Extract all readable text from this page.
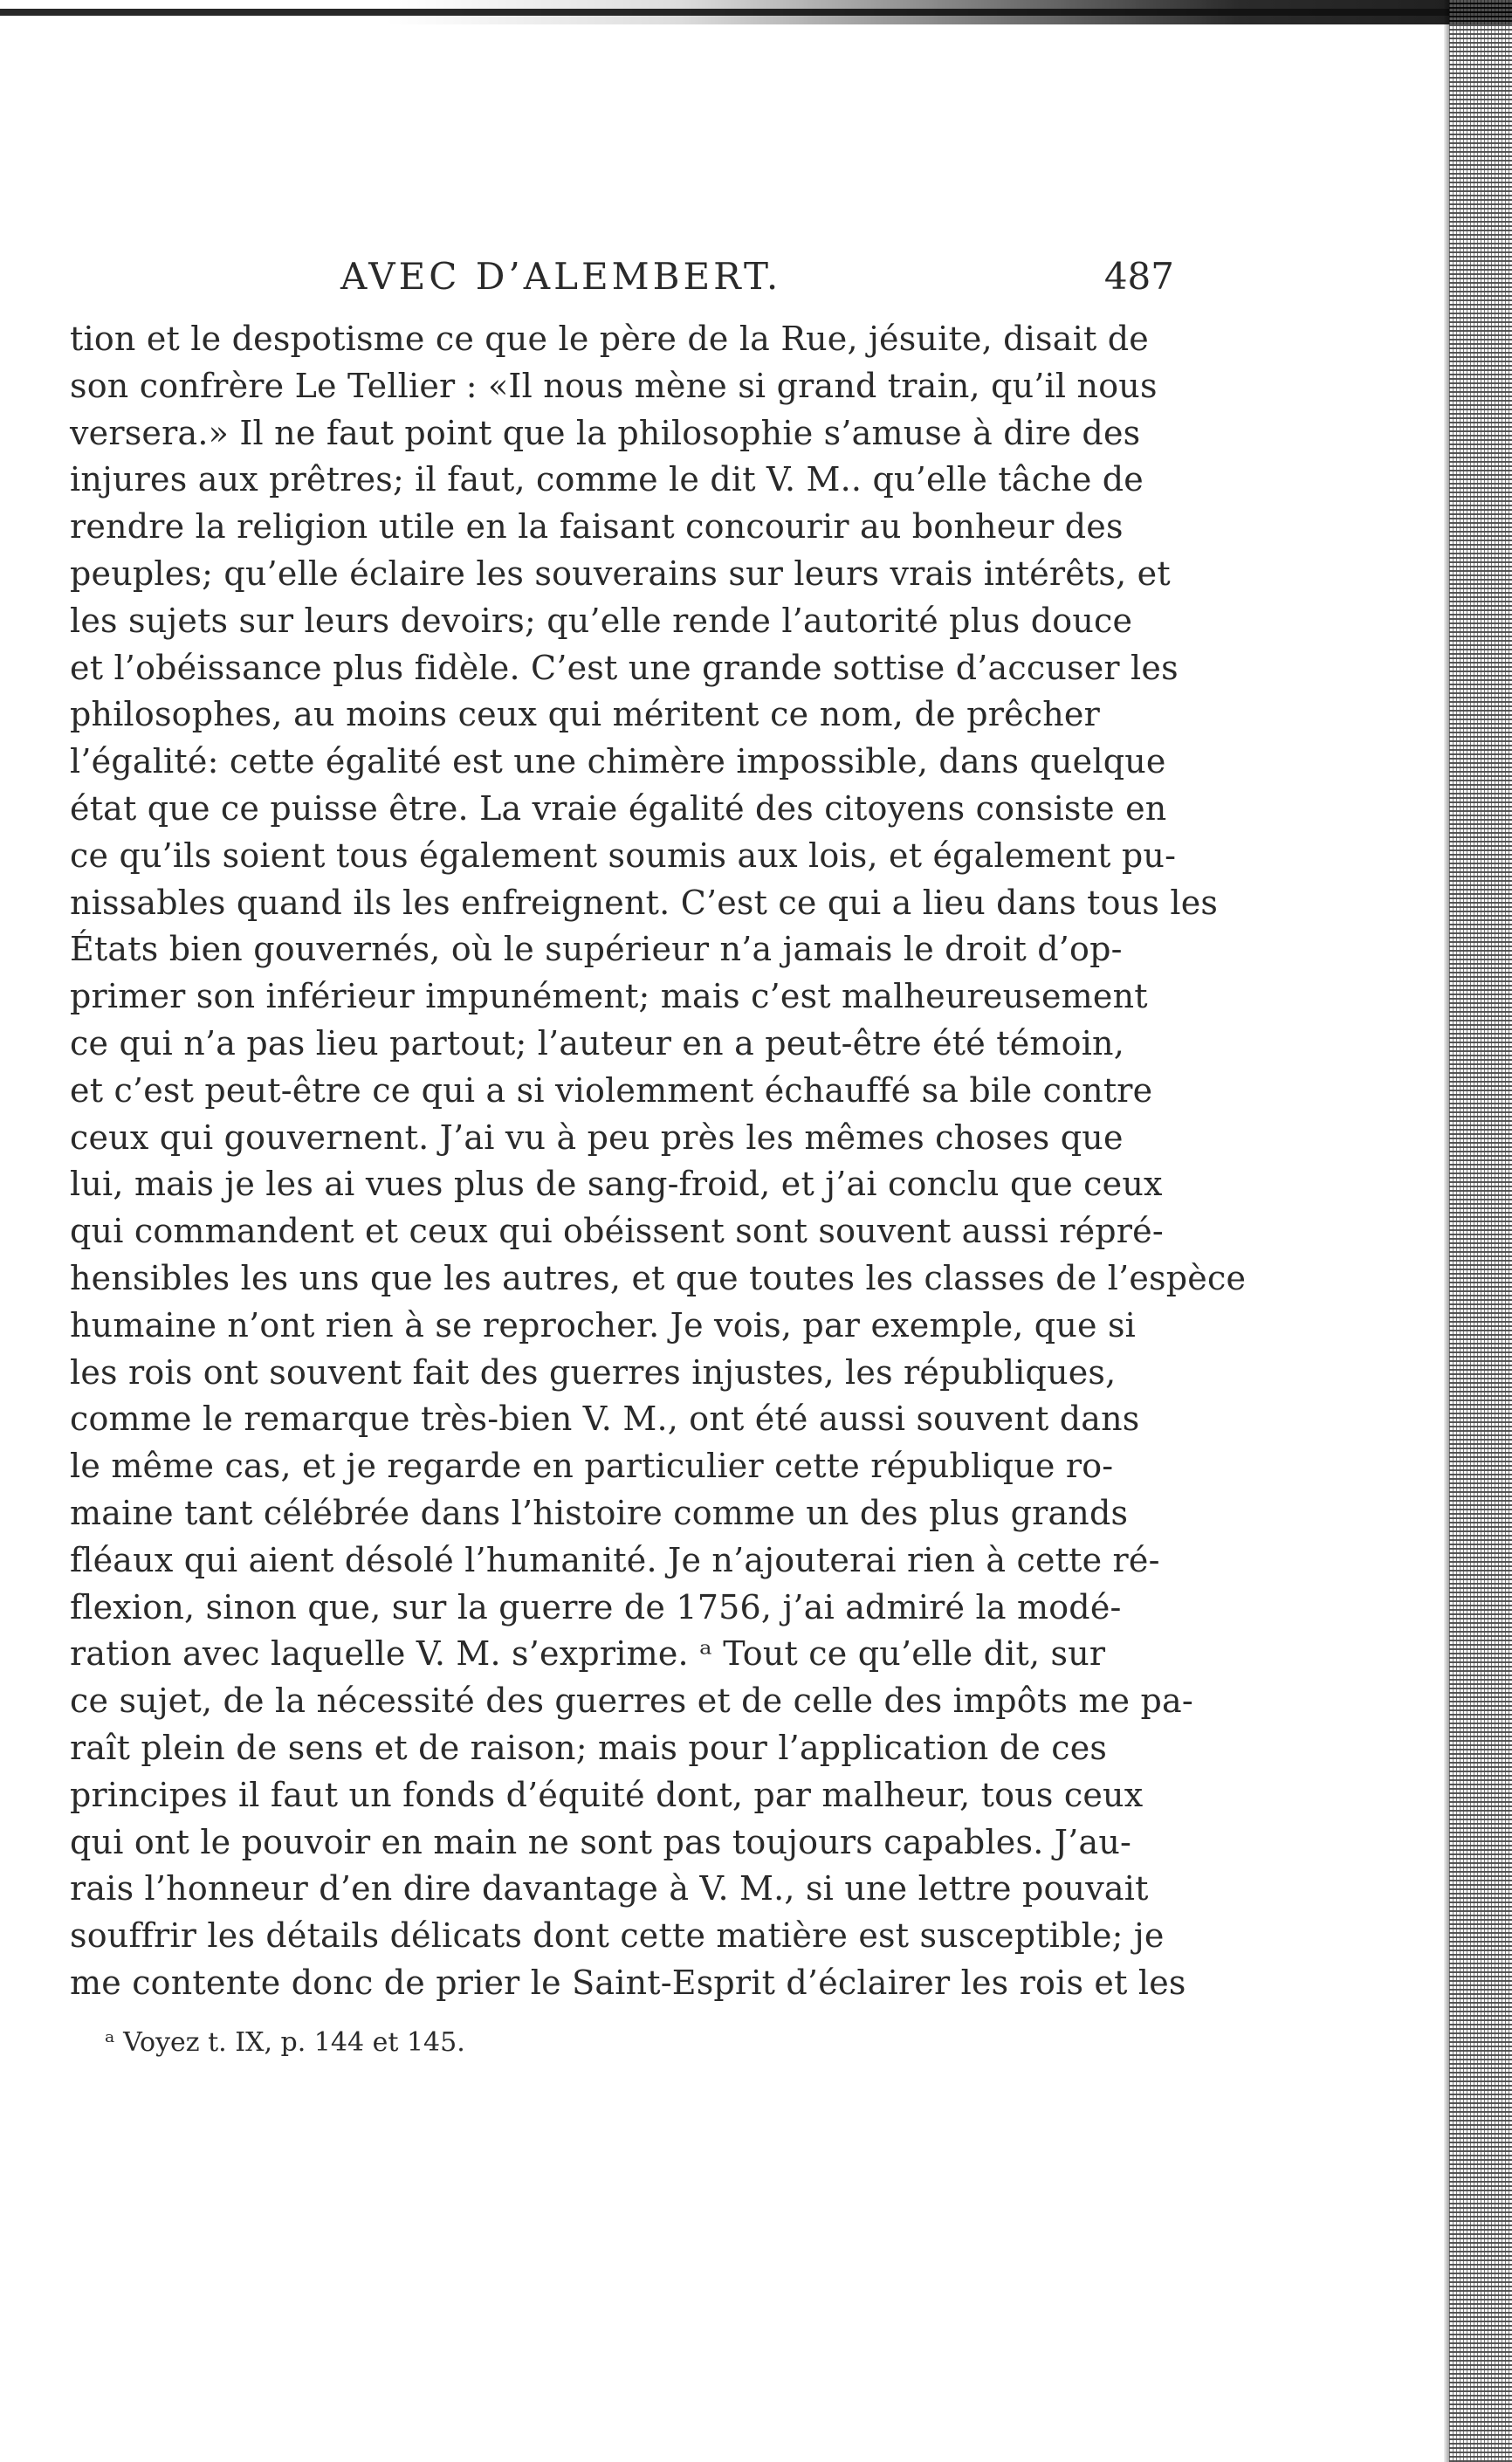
AVEC D’ALEMBERT.	487
tion et le despotisme ce que le père de la Rue, jésuite, disait de
son confrère Le Tellier : «Il nous mène si grand train, qu’il nous
versera.» Il ne faut point que la philosophie s’amuse à dire des
injures aux prêtres; il faut, comme le dit V. M.. qu’elle tâche de
rendre la religion utile en la faisant concourir au bonheur des
peuples; qu’elle éclaire les souverains sur leurs vrais intérêts, et
les sujets sur leurs devoirs; qu’elle rende l’autorité plus douce
et l’obéissance plus fidèle. C’est une grande sottise d’accuser les
philosophes, au moins ceux qui méritent ce nom, de prêcher
l’égalité: cette égalité est une chimère impossible, dans quelque
état que ce puisse être. La vraie égalité des citoyens consiste en
ce qu’ils soient tous également soumis aux lois, et également pu-
nissables quand ils les enfreignent. C’est ce qui a lieu dans tous les
États bien gouvernés, où le supérieur n’a jamais le droit d’op-
primer son inférieur impunément; mais c’est malheureusement
ce qui n’a pas lieu partout; l’auteur en a peut-être été témoin,
et c’est peut-être ce qui a si violemment échauffé sa bile contre
ceux qui gouvernent. J’ai vu à peu près les mêmes choses que
lui, mais je les ai vues plus de sang-froid, et j’ai conclu que ceux
qui commandent et ceux qui obéissent sont souvent aussi répré-
hensibles les uns que les autres, et que toutes les classes de l’espèce
humaine n’ont rien à se reprocher. Je vois, par exemple, que si
les rois ont souvent fait des guerres injustes, les républiques,
comme le remarque très-bien V. M., ont été aussi souvent dans
le même cas, et je regarde en particulier cette république ro-
maine tant célébrée dans l’histoire comme un des plus grands
fléaux qui aient désolé l’humanité. Je n’ajouterai rien à cette ré-
flexion, sinon que, sur la guerre de 1756, j’ai admiré la modé-
ration avec laquelle V. M. s’exprime. ᵃ Tout ce qu’elle dit, sur
ce sujet, de la nécessité des guerres et de celle des impôts me pa-
raît plein de sens et de raison; mais pour l’application de ces
principes il faut un fonds d’équité dont, par malheur, tous ceux
qui ont le pouvoir en main ne sont pas toujours capables. J’au-
rais l’honneur d’en dire davantage à V. M., si une lettre pouvait
souffrir les détails délicats dont cette matière est susceptible; je
me contente donc de prier le Saint-Esprit d’éclairer les rois et les
ᵃ Voyez t. IX, p. 144 et 145.
